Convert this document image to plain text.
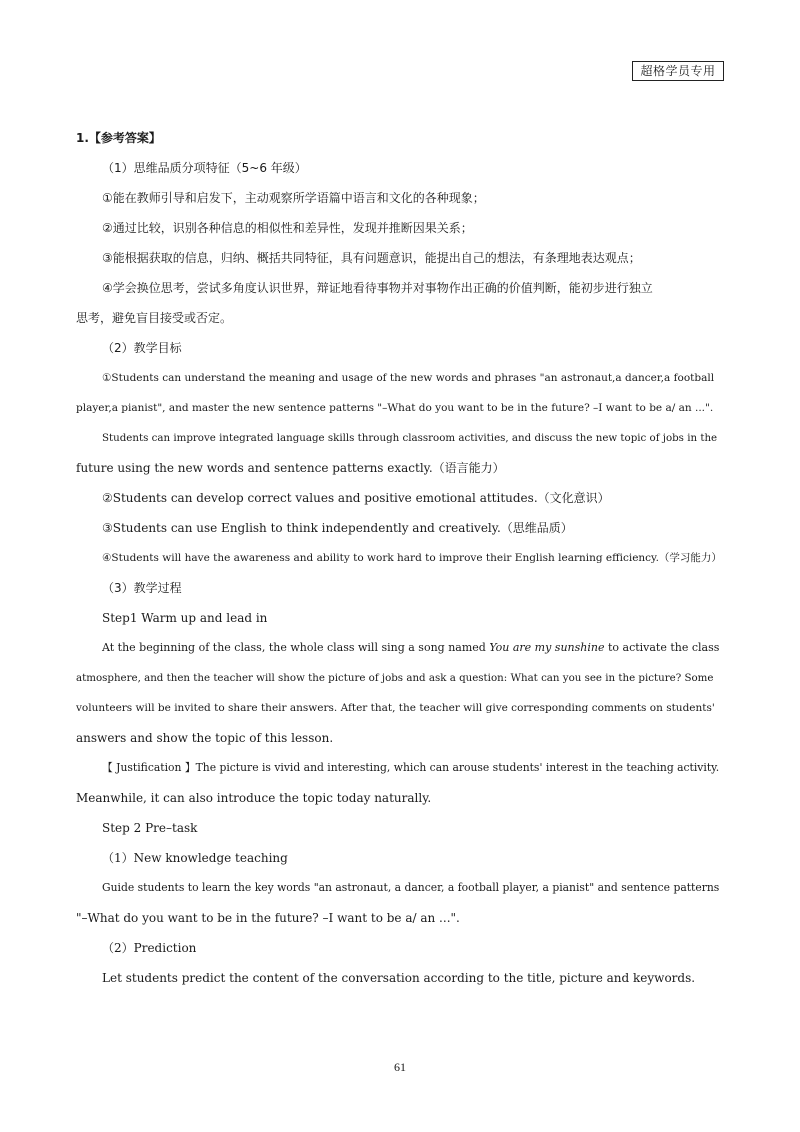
超格学员专用
1.【参考答案】
（1）思维品质分项特征（5~6 年级）
①能在教师引导和启发下，主动观察所学语篇中语言和文化的各种现象；
②通过比较，识别各种信息的相似性和差异性，发现并推断因果关系；
③能根据获取的信息，归纳、概括共同特征，具有问题意识，能提出自己的想法，有条理地表达观点；
④学会换位思考，尝试多角度认识世界，辩证地看待事物并对事物作出正确的价值判断，能初步进行独立
思考，避免盲目接受或否定。
（2）教学目标
①Students can understand the meaning and usage of the new words and phrases "an astronaut,a dancer,a football
player,a pianist", and master the new sentence patterns "–What do you want to be in the future? –I want to be a/ an ...".
Students can improve integrated language skills through classroom activities, and discuss the new topic of jobs in the
future using the new words and sentence patterns exactly.（语言能力）
②Students can develop correct values and positive emotional attitudes.（文化意识）
③Students can use English to think independently and creatively.（思维品质）
④Students will have the awareness and ability to work hard to improve their English learning efficiency.（学习能力）
（3）教学过程
Step1 Warm up and lead in
At the beginning of the class, the whole class will sing a song named You are my sunshine to activate the class
atmosphere, and then the teacher will show the picture of jobs and ask a question: What can you see in the picture? Some
volunteers will be invited to share their answers. After that, the teacher will give corresponding comments on students'
answers and show the topic of this lesson.
【 Justification 】The picture is vivid and interesting, which can arouse students' interest in the teaching activity.
Meanwhile, it can also introduce the topic today naturally.
Step 2 Pre–task
（1）New knowledge teaching
Guide students to learn the key words "an astronaut, a dancer, a football player, a pianist" and sentence patterns
"–What do you want to be in the future? –I want to be a/ an ...".
（2）Prediction
Let students predict the content of the conversation according to the title, picture and keywords.
61
